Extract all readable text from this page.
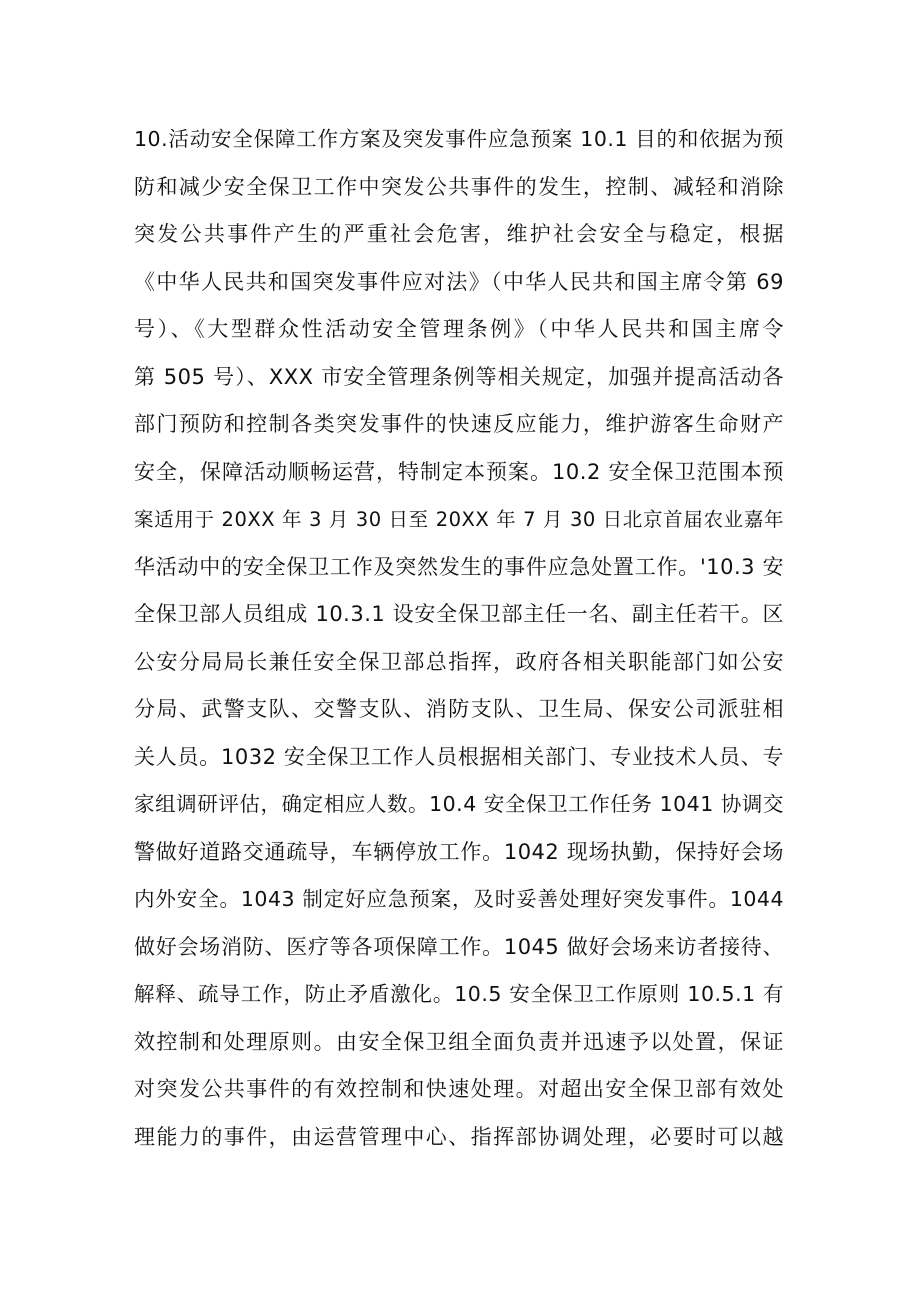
10.活动安全保障工作方案及突发事件应急预案 10.1 目的和依据为预
防和减少安全保卫工作中突发公共事件的发生，控制、减轻和消除
突发公共事件产生的严重社会危害，维护社会安全与稳定，根据
《中华人民共和国突发事件应对法》（中华人民共和国主席令第 69
号）、《大型群众性活动安全管理条例》（中华人民共和国主席令
第 505 号）、XXX 市安全管理条例等相关规定，加强并提高活动各
部门预防和控制各类突发事件的快速反应能力，维护游客生命财产
安全，保障活动顺畅运营，特制定本预案。10.2 安全保卫范围本预
案适用于 20XX 年 3 月 30 日至 20XX 年 7 月 30 日北京首届农业嘉年
华活动中的安全保卫工作及突然发生的事件应急处置工作。'10.3 安
全保卫部人员组成 10.3.1 设安全保卫部主任一名、副主任若干。区
公安分局局长兼任安全保卫部总指挥，政府各相关职能部门如公安
分局、武警支队、交警支队、消防支队、卫生局、保安公司派驻相
关人员。1032 安全保卫工作人员根据相关部门、专业技术人员、专
家组调研评估，确定相应人数。10.4 安全保卫工作任务 1041 协调交
警做好道路交通疏导，车辆停放工作。1042 现场执勤，保持好会场
内外安全。1043 制定好应急预案，及时妥善处理好突发事件。1044
做好会场消防、医疗等各项保障工作。1045 做好会场来访者接待、
解释、疏导工作，防止矛盾激化。10.5 安全保卫工作原则 10.5.1 有
效控制和处理原则。由安全保卫组全面负责并迅速予以处置，保证
对突发公共事件的有效控制和快速处理。对超出安全保卫部有效处
理能力的事件，由运营管理中心、指挥部协调处理，必要时可以越
